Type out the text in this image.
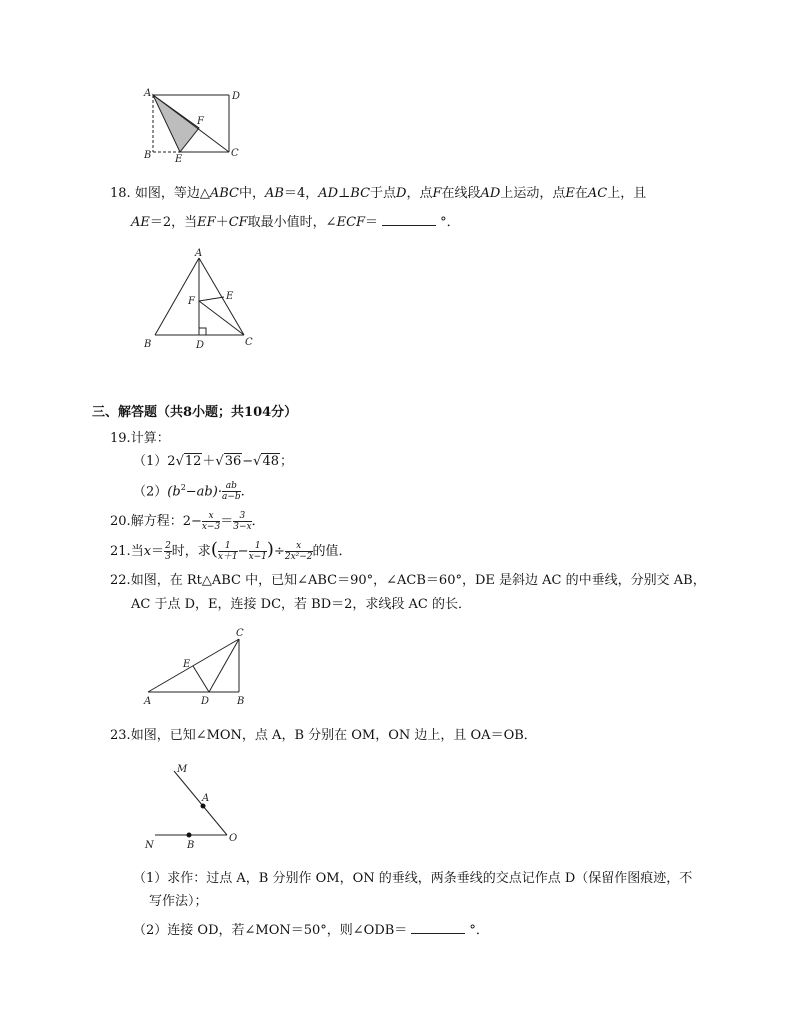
A	D
F
B E
C
18. 如图，等边△ABC中，AB＝4，AD⊥BC于点D，点F在线段AD上运动，点E在AC上，且
AE＝2，当EF＋CF取最小值时，∠ECF＝	°．
A
E
F
B	D	C
三、解答题（共8小题；共104分）
19.计算：
（1）2√12＋√36−√48；
$(2)(b^2-ab)\cdot \frac{ab}{a-b}$ .
20.解方程：$2- \frac{x}{x-3} = \frac{3}{3-x}$ ．
21.当$x= \frac{2}{3}$ 时，求( $\frac{1}{x+1} - \frac{1}{x-1}$ )÷ $\frac{x}{\text{2x²−2}}$ 的值．
22.如图，在 Rt△ABC 中，已知∠ABC＝90°，∠ACB＝60°，DE 是斜边 AC 的中垂线，分别交 AB，
AC 于点 D，E，连接 DC，若 BD＝2，求线段 AC 的长．
C
E
A	D	B
23.如图，已知∠MON，点 A，B 分别在 OM，ON 边上，且 OA＝OB．
M
A
N	B
O
（1）求作：过点 A，B 分别作 OM，ON 的垂线，两条垂线的交点记作点 D（保留作图痕迹，不
写作法）；
（2）连接 OD，若∠MON＝50°，则∠ODB＝	°．
